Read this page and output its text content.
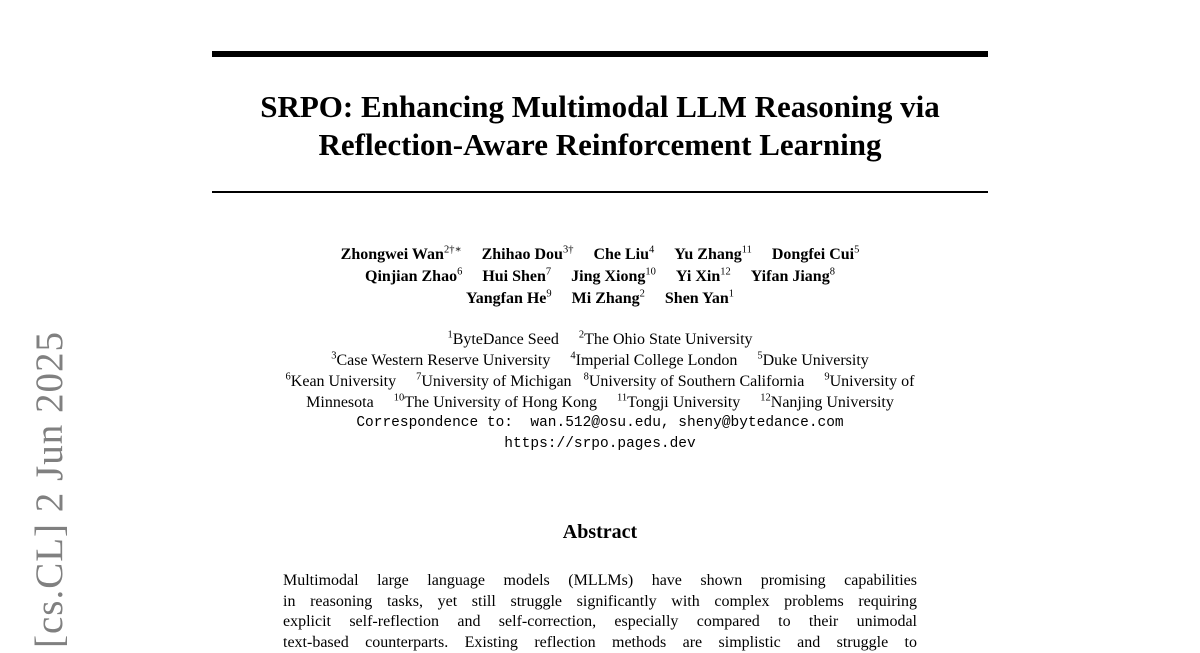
SRPO: Enhancing Multimodal LLM Reasoning via
Reflection-Aware Reinforcement Learning
Zhongwei Wan$^{2\dagger∗}$ Zhihao Dou$^{3\dagger}$ Che Liu$^4$ Yu Zhang$^{11}$ Dongfei Cui$^5$
Qinjian Zhao$^6$ Hui Shen$^7$ Jing Xiong$^{10}$ Yi Xin$^{12}$ Yifan Jiang$^8$
Yangfan He$^9$ Mi Zhang$^2$ Shen Yan$^1$
$^1$ByteDance Seed $^2$The Ohio State University
$^3$Case Western Reserve University $^4$Imperial College London $^5$Duke University
$^6$Kean University $^7$University of Michigan $^8$University of Southern California $^9$University of
Minnesota $^{10}$The University of Hong Kong $^{11}$Tongji University $^{12}$Nanjing University
Correspondence to:  wan.512@osu.edu, sheny@bytedance.com
https://srpo.pages.dev
Abstract
Multimodal large language models (MLLMs) have shown promising capabilities
in reasoning tasks, yet still struggle significantly with complex problems requiring
explicit self-reflection and self-correction, especially compared to their unimodal
text-based counterparts. Existing reflection methods are simplistic and struggle to
[cs.CL] 2 Jun 2025
